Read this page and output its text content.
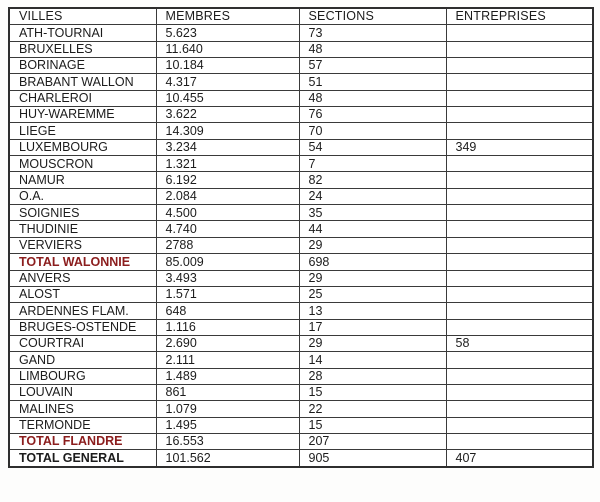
VILLES	MEMBRES	SECTIONS	ENTREPRISES
ATH-TOURNAI	5.623	73	
BRUXELLES	11.640	48	
BORINAGE	10.184	57	
BRABANT WALLON	4.317	51	
CHARLEROI	10.455	48	
HUY-WAREMME	3.622	76	
LIEGE	14.309	70	
LUXEMBOURG	3.234	54	349
MOUSCRON	1.321	7	
NAMUR	6.192	82	
O.A.	2.084	24	
SOIGNIES	4.500	35	
THUDINIE	4.740	44	
VERVIERS	2788	29	
TOTAL WALONNIE	85.009	698	
ANVERS	3.493	29	
ALOST	1.571	25	
ARDENNES FLAM.	648	13	
BRUGES-OSTENDE	1.116	17	
COURTRAI	2.690	29	58
GAND	2.111	14	
LIMBOURG	1.489	28	
LOUVAIN	861	15	
MALINES	1.079	22	
TERMONDE	1.495	15	
TOTAL FLANDRE	16.553	207	
TOTAL GENERAL	101.562	905	407
